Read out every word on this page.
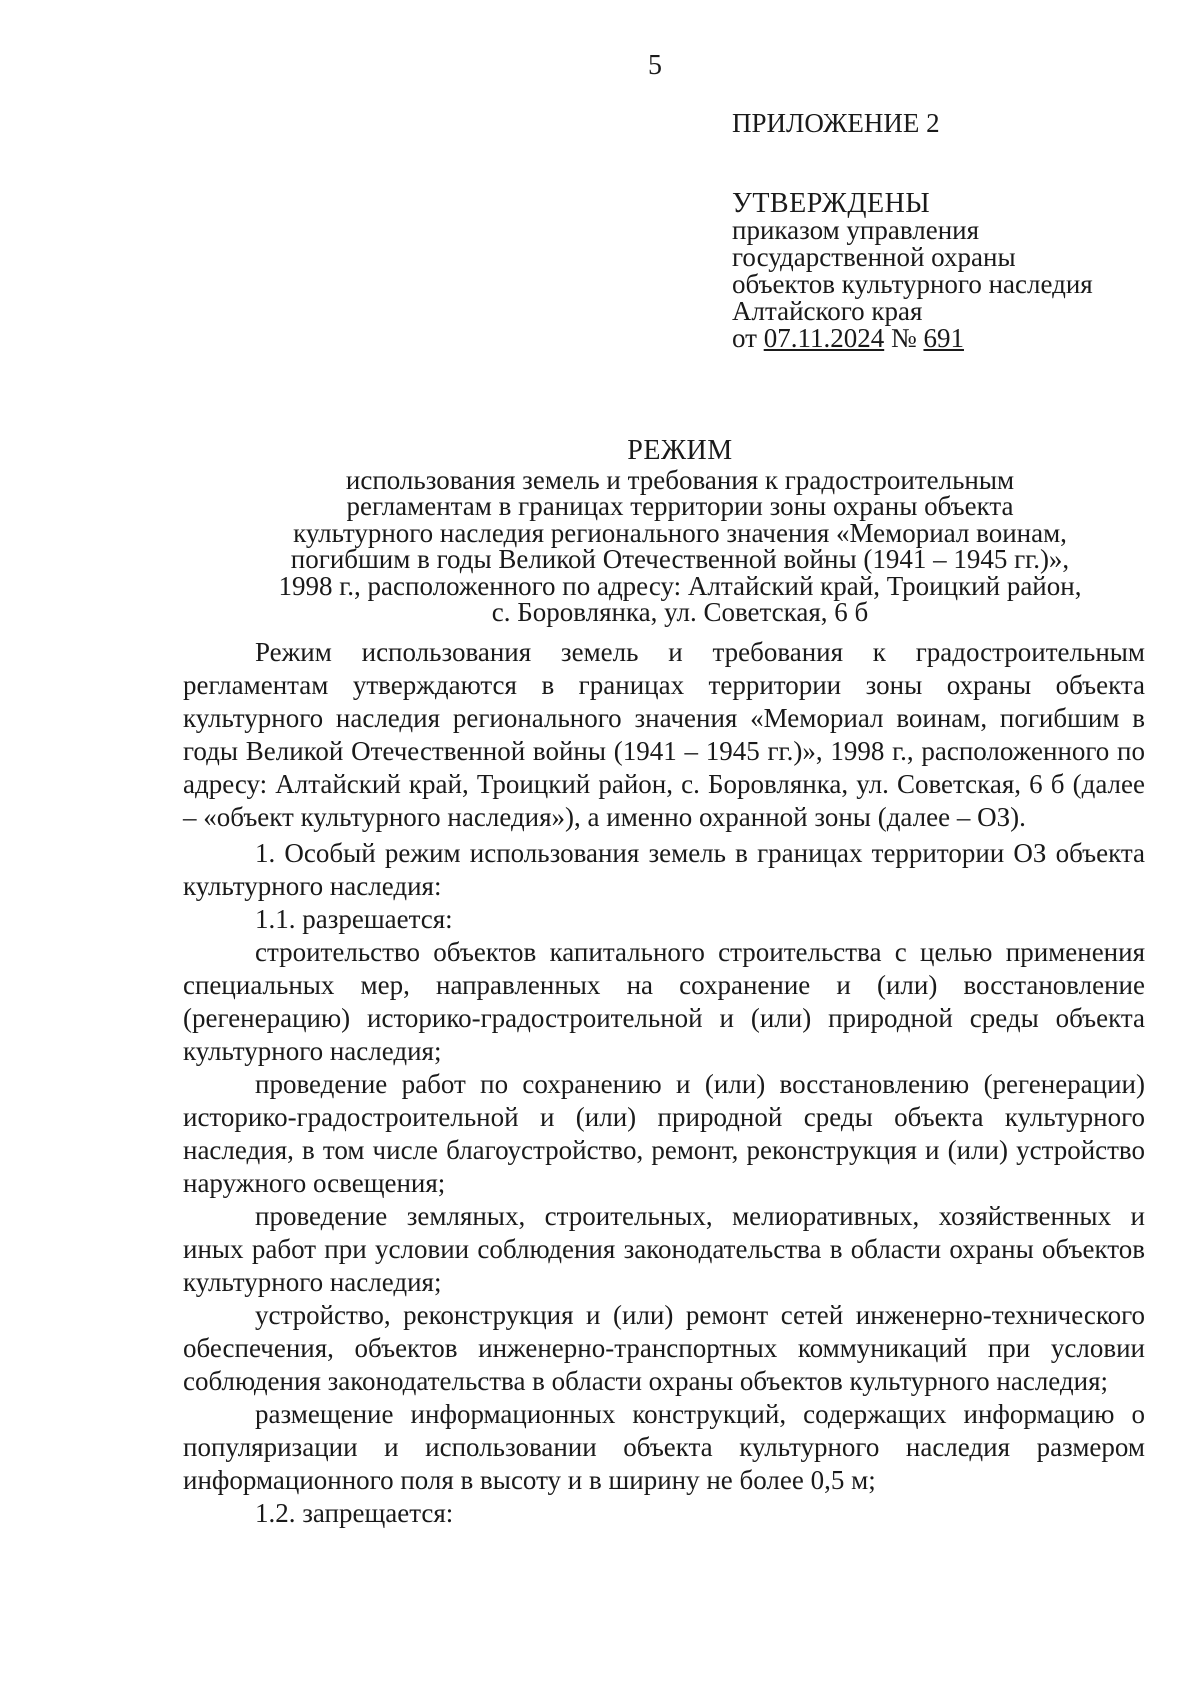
5
ПРИЛОЖЕНИЕ 2
УТВЕРЖДЕНЫ
приказом управления
государственной охраны
объектов культурного наследия
Алтайского края
от 07.11.2024 № 691
РЕЖИМ
использования земель и требования к градостроительным
регламентам в границах территории зоны охраны объекта
культурного наследия регионального значения «Мемориал воинам,
погибшим в годы Великой Отечественной войны (1941 – 1945 гг.)»,
1998 г., расположенного по адресу: Алтайский край, Троицкий район,
с. Боровлянка, ул. Советская, 6 б

Режим использования земель и требования к градостроительным регламентам утверждаются в границах территории зоны охраны объекта культурного наследия регионального значения «Мемориал воинам, погибшим в годы Великой Отечественной войны (1941 – 1945 гг.)», 1998 г., расположенного по адресу: Алтайский край, Троицкий район, с. Боровлянка, ул. Советская, 6 б (далее – «объект культурного наследия»), а именно охранной зоны (далее – ОЗ).

1. Особый режим использования земель в границах территории ОЗ объекта культурного наследия:

1.1. разрешается:

строительство объектов капитального строительства с целью применения специальных мер, направленных на сохранение и (или) восстановление (регенерацию) историко-градостроительной и (или) природной среды объекта культурного наследия;

проведение работ по сохранению и (или) восстановлению (регенерации) историко-градостроительной и (или) природной среды объекта культурного наследия, в том числе благоустройство, ремонт, реконструкция и (или) устройство наружного освещения;

проведение земляных, строительных, мелиоративных, хозяйственных и иных работ при условии соблюдения законодательства в области охраны объектов культурного наследия;

устройство, реконструкция и (или) ремонт сетей инженерно-технического обеспечения, объектов инженерно-транспортных коммуникаций при условии соблюдения законодательства в области охраны объектов культурного наследия;

размещение информационных конструкций, содержащих информацию о популяризации и использовании объекта культурного наследия размером информационного поля в высоту и в ширину не более 0,5 м;

1.2. запрещается:
